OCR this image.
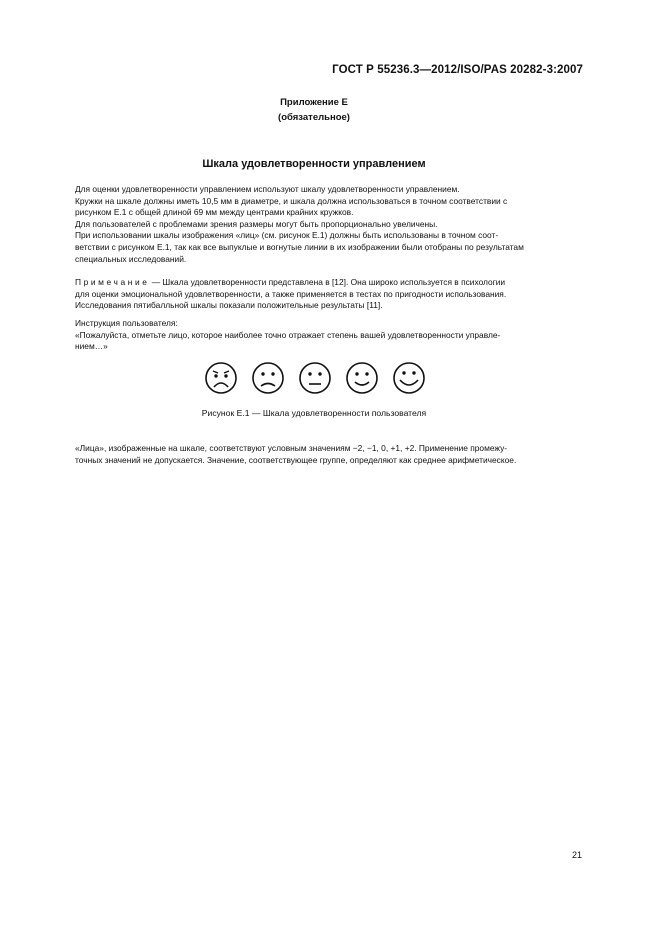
ГОСТ Р 55236.3—2012/ISO/PAS 20282-3:2007
Приложение Е
(обязательное)
Шкала удовлетворенности управлением
Для оценки удовлетворенности управлением используют шкалу удовлетворенности управлением.
Кружки на шкале должны иметь 10,5 мм в диаметре, и шкала должна использоваться в точном соответствии с
рисунком Е.1 с общей длиной 69 мм между центрами крайних кружков.
Для пользователей с проблемами зрения размеры могут быть пропорционально увеличены.
При использовании шкалы изображения «лиц» (см. рисунок Е.1) должны быть использованы в точном соот-
ветствии с рисунком Е.1, так как все выпуклые и вогнутые линии в их изображении были отобраны по результатам
специальных исследований.
Примечание — Шкала удовлетворенности представлена в [12]. Она широко используется в психологии
для оценки эмоциональной удовлетворенности, а также применяется в тестах по пригодности использования.
Исследования пятибалльной шкалы показали положительные результаты [11].
Инструкция пользователя:
«Пожалуйста, отметьте лицо, которое наиболее точно отражает степень вашей удовлетворенности управле-
нием…»
Рисунок Е.1 — Шкала удовлетворенности пользователя
«Лица», изображенные на шкале, соответствуют условным значениям −2, −1, 0, +1, +2. Применение промежу-
точных значений не допускается. Значение, соответствующее группе, определяют как среднее арифметическое.
21
